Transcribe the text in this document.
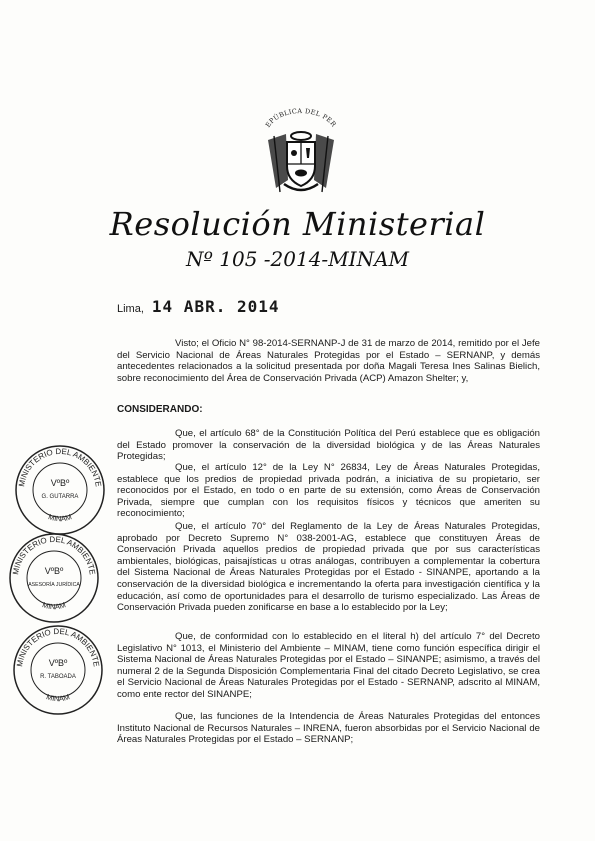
EPÚBLICA DEL PER
Resolución Ministerial
Nº 105 -2014-MINAM
Lima, 14 ABR. 2014
Visto; el Oficio N° 98-2014-SERNANP-J de 31 de marzo de 2014, remitido por el Jefe del Servicio Nacional de Áreas Naturales Protegidas por el Estado – SERNANP, y demás antecedentes relacionados a la solicitud presentada por doña Magali Teresa Ines Salinas Bielich, sobre reconocimiento del Área de Conservación Privada (ACP) Amazon Shelter; y,
CONSIDERANDO:
Que, el artículo 68° de la Constitución Política del Perú establece que es obligación del Estado promover la conservación de la diversidad biológica y de las Áreas Naturales Protegidas;
Que, el artículo 12° de la Ley N° 26834, Ley de Áreas Naturales Protegidas, establece que los predios de propiedad privada podrán, a iniciativa de su propietario, ser reconocidos por el Estado, en todo o en parte de su extensión, como Áreas de Conservación Privada, siempre que cumplan con los requisitos físicos y técnicos que ameriten su reconocimiento;
Que, el artículo 70° del Reglamento de la Ley de Áreas Naturales Protegidas, aprobado por Decreto Supremo N° 038-2001-AG, establece que constituyen Áreas de Conservación Privada aquellos predios de propiedad privada que por sus características ambientales, biológicas, paisajísticas u otras análogas, contribuyen a complementar la cobertura del Sistema Nacional de Áreas Naturales Protegidas por el Estado - SINANPE, aportando a la conservación de la diversidad biológica e incrementando la oferta para investigación científica y la educación, así como de oportunidades para el desarrollo de turismo especializado. Las Áreas de Conservación Privada pueden zonificarse en base a lo establecido por la Ley;
Que, de conformidad con lo establecido en el literal h) del artículo 7° del Decreto Legislativo N° 1013, el Ministerio del Ambiente – MINAM, tiene como función específica dirigir el Sistema Nacional de Áreas Naturales Protegidas por el Estado – SINANPE; asimismo, a través del numeral 2 de la Segunda Disposición Complementaria Final del citado Decreto Legislativo, se crea el Servicio Nacional de Áreas Naturales Protegidas por el Estado - SERNANP, adscrito al MINAM, como ente rector del SINANPE;
Que, las funciones de la Intendencia de Áreas Naturales Protegidas del entonces Instituto Nacional de Recursos Naturales – INRENA, fueron absorbidas por el Servicio Nacional de Áreas Naturales Protegidas por el Estado – SERNANP;
MINISTERIO DEL AMBIENTE
VºBº
G. GUTARRA
MINAM
MINISTERIO DEL AMBIENTE
VºBº
ASESORÍA JURÍDICA
MINAM
MINISTERIO DEL AMBIENTE
VºBº
R. TABOADA
MINAM
